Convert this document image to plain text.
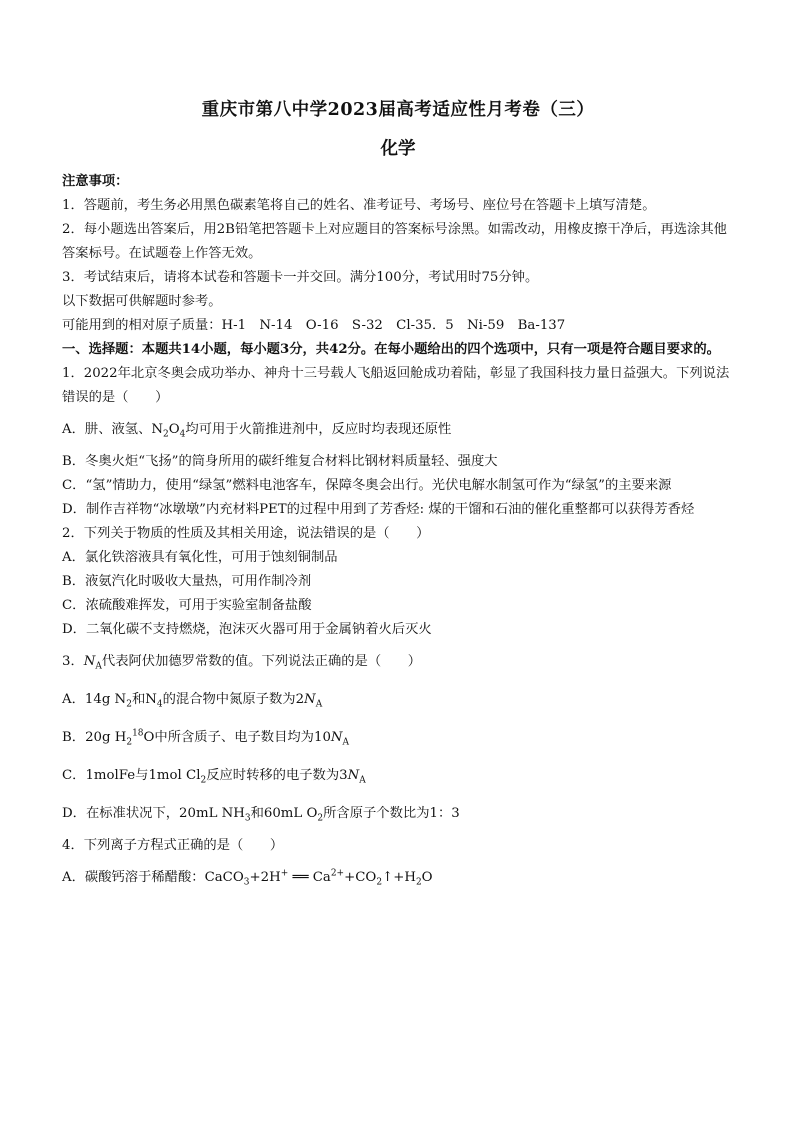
重庆市第八中学2023届高考适应性月考卷（三）
化学

注意事项：

1．答题前，考生务必用黑色碳素笔将自己的姓名、准考证号、考场号、座位号在答题卡上填写清楚。

2．每小题选出答案后，用2B铅笔把答题卡上对应题目的答案标号涂黑。如需改动，用橡皮擦干净后，再选涂其他答案标号。在试题卷上作答无效。

3．考试结束后，请将本试卷和答题卡一并交回。满分100分，考试用时75分钟。

以下数据可供解题时参考。

可能用到的相对原子质量：H-1　N-14　O-16　S-32　Cl-35．5　Ni-59　Ba-137

一、选择题：本题共14小题，每小题3分，共42分。在每小题给出的四个选项中，只有一项是符合题目要求的。

1．2022年北京冬奥会成功举办、神舟十三号载人飞船返回舱成功着陆，彰显了我国科技力量日益强大。下列说法错误的是（　　）

A．肼、液氢、$N_2O_4$均可用于火箭推进剂中，反应时均表现还原性

B．冬奥火炬“飞扬”的筒身所用的碳纤维复合材料比钢材料质量轻、强度大

C．“氢”情助力，使用“绿氢”燃料电池客车，保障冬奥会出行。光伏电解水制氢可作为“绿氢”的主要来源

D．制作吉祥物“冰墩墩”内充材料PET的过程中用到了芳香烃: 煤的干馏和石油的催化重整都可以获得芳香烃

2．下列关于物质的性质及其相关用途，说法错误的是（　　）

A．氯化铁溶液具有氧化性，可用于蚀刻铜制品

B．液氨汽化时吸收大量热，可用作制冷剂

C．浓硫酸难挥发，可用于实验室制备盐酸

D．二氧化碳不支持燃烧，泡沫灭火器可用于金属钠着火后灭火

3．$N_A$代表阿伏加德罗常数的值。下列说法正确的是（　　）

A．14g $N_2$和$N_4$的混合物中氮原子数为$2N_A$

B．20g $H_2^{18}O$中所含质子、电子数目均为$10N_A$

C．1molFe与1mol $Cl_2$反应时转移的电子数为$3N_A$

D．在标准状况下，20mL $NH_3$和60mL $O_2$所含原子个数比为1：3

4．下列离子方程式正确的是（　　）

A．碳酸钙溶于稀醋酸：CaCO$_3$+2H+ ══ $Ca^{2+}+CO_2↑+H_2O$
